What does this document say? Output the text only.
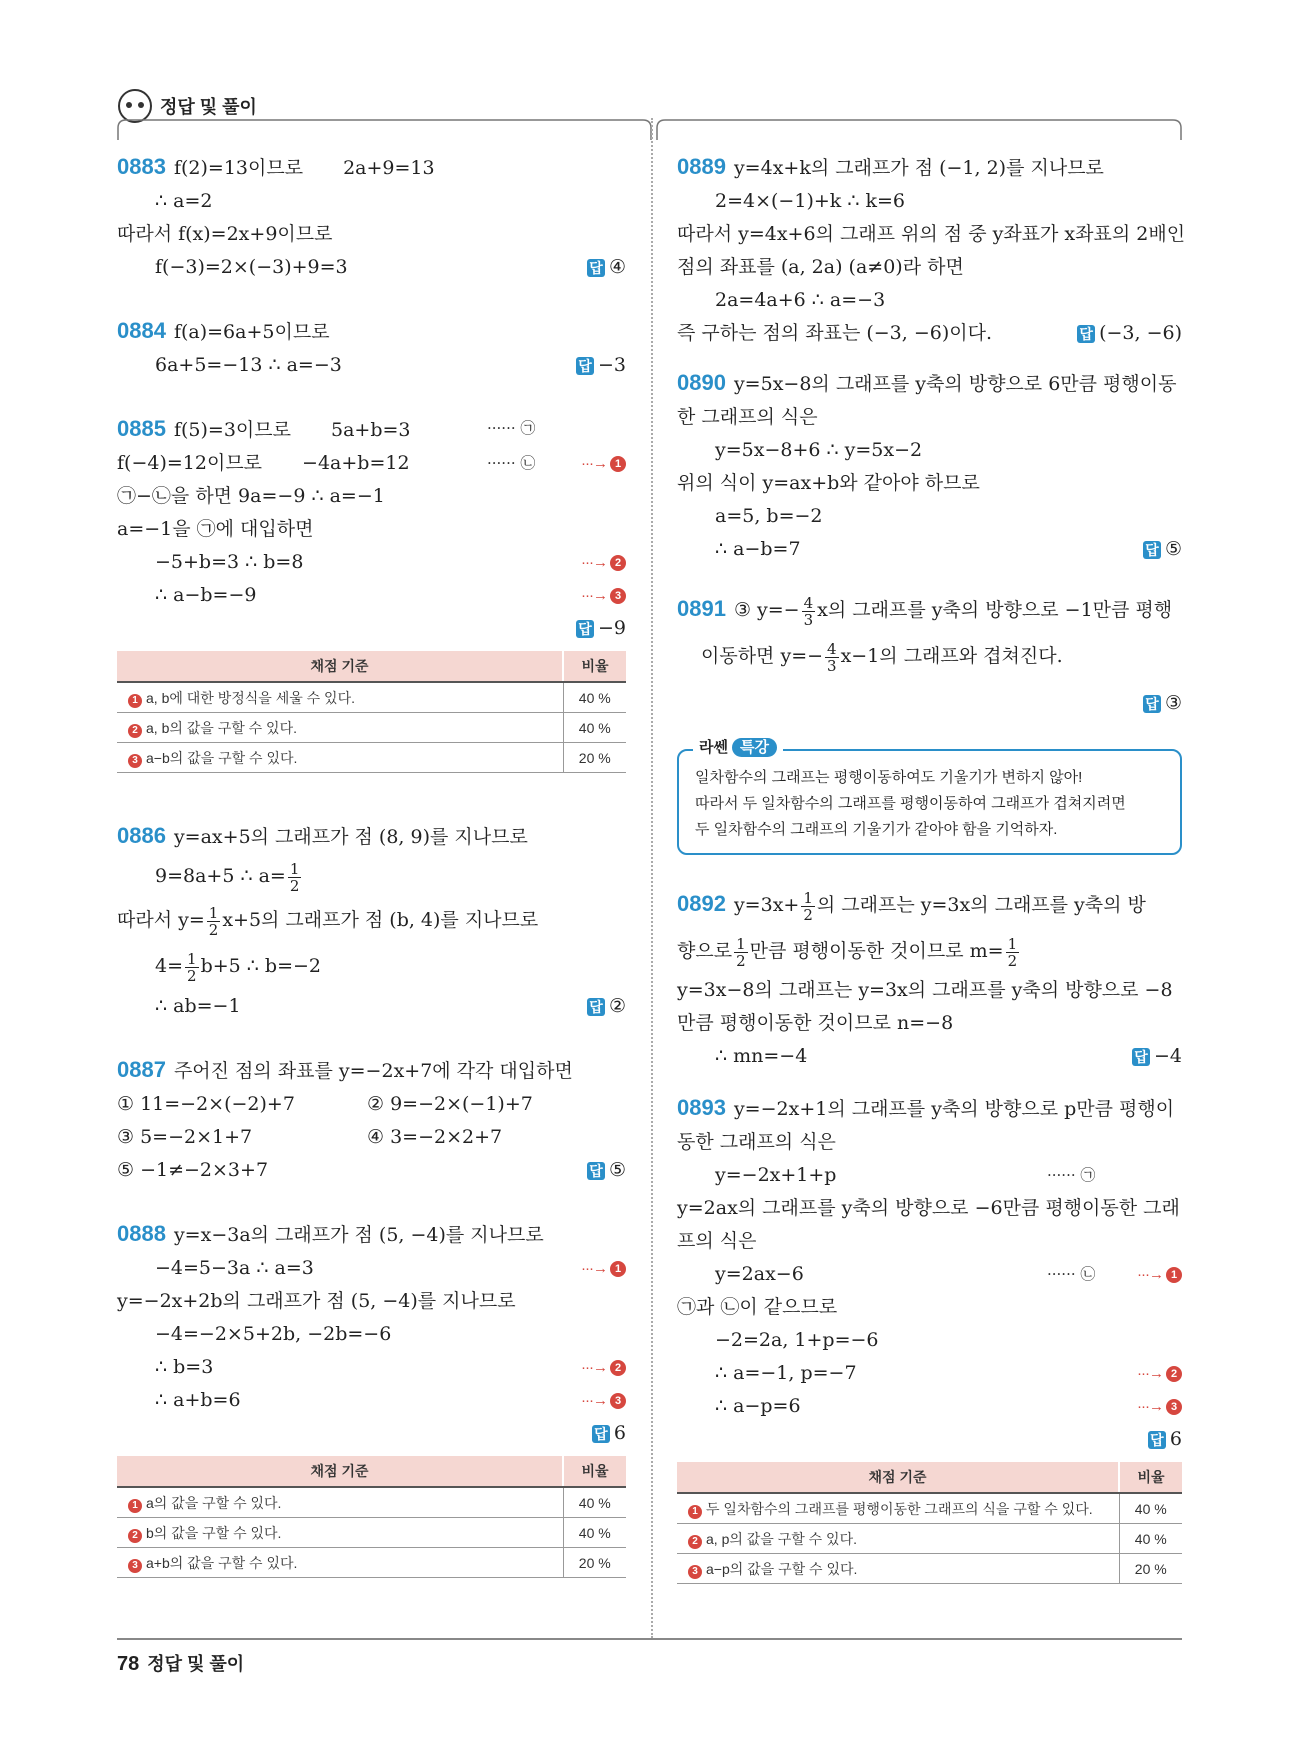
정답 및 풀이
0883 f(2)=13이므로 2a+9=13
∴ a=2
따라서 f(x)=2x+9이므로
f(−3)=2×(−3)+9=3	답 ④
0884 f(a)=6a+5이므로
6a+5=−13 ∴ a=−3	답 −3
0885 f(5)=3이므로 5a+b=3	······ ㉠
f(−4)=12이므로 −4a+b=12	······ ㉡	···→ 1
㉠−㉡을 하면 9a=−9 ∴ a=−1
a=−1을 ㉠에 대입하면
−5+b=3 ∴ b=8	···→ 2
∴ a−b=−9	···→ 3
답 −9
채점 기준	비율
1 a, b에 대한 방정식을 세울 수 있다.	40 %
2 a, b의 값을 구할 수 있다.	40 %
3 a−b의 값을 구할 수 있다.	20 %
0886 y=ax+5의 그래프가 점 (8, 9)를 지나므로
9=8a+5 ∴ $a= \frac{1}{2}$
따라서 $y= \frac{1}{2} x+5$의 그래프가 점 (b, 4)를 지나므로
$4= \frac{1}{2} b+5$ ∴ b=−2
∴ ab=−1	답 ②
0887 주어진 점의 좌표를 y=−2x+7에 각각 대입하면
① 11=−2×(−2)+7	② 9=−2×(−1)+7
③ 5=−2×1+7	④ 3=−2×2+7
⑤ −1≠−2×3+7	답 ⑤
0888 y=x−3a의 그래프가 점 (5, −4)를 지나므로
−4=5−3a ∴ a=3	···→ 1
y=−2x+2b의 그래프가 점 (5, −4)를 지나므로
−4=−2×5+2b, −2b=−6
∴ b=3	···→ 2
∴ a+b=6	···→ 3
답 6
채점 기준	비율
1 a의 값을 구할 수 있다.	40 %
2 b의 값을 구할 수 있다.	40 %
3 a+b의 값을 구할 수 있다.	20 %
0889 y=4x+k의 그래프가 점 (−1, 2)를 지나므로
2=4×(−1)+k ∴ k=6
따라서 y=4x+6의 그래프 위의 점 중 y좌표가 x좌표의 2배인
점의 좌표를 (a, 2a) (a≠0)라 하면
2a=4a+6 ∴ a=−3
즉 구하는 점의 좌표는 (−3, −6)이다.	답 (−3, −6)
0890 y=5x−8의 그래프를 y축의 방향으로 6만큼 평행이동
한 그래프의 식은
y=5x−8+6 ∴ y=5x−2
위의 식이 y=ax+b와 같아야 하므로
a=5, b=−2
∴ a−b=7	답 ⑤
0891 ③ $y=- \frac{4}{3}$ x의 그래프를 y축의 방향으로 −1만큼 평행
이동하면 $y=- \frac{4}{3} x-1$의 그래프와 겹쳐진다.
답 ③
라쎈 특강
일차함수의 그래프는 평행이동하여도 기울기가 변하지 않아!
따라서 두 일차함수의 그래프를 평행이동하여 그래프가 겹쳐지려면
두 일차함수의 그래프의 기울기가 같아야 함을 기억하자.
0892 $y=3x+ \frac{1}{2}$ 의 그래프는 y=3x의 그래프를 y축의 방
향으로 $\frac{1}{2}$ 만큼 평행이동한 것이므로 $m= \frac{1}{2}$
y=3x−8의 그래프는 y=3x의 그래프를 y축의 방향으로 −8
만큼 평행이동한 것이므로 n=−8
∴ mn=−4	답 −4
0893 y=−2x+1의 그래프를 y축의 방향으로 p만큼 평행이
동한 그래프의 식은
y=−2x+1+p	······ ㉠
y=2ax의 그래프를 y축의 방향으로 −6만큼 평행이동한 그래
프의 식은
y=2ax−6	······ ㉡	···→ 1
㉠과 ㉡이 같으므로
−2=2a, 1+p=−6
∴ a=−1, p=−7	···→ 2
∴ a−p=6	···→ 3
답 6
채점 기준	비율
1 두 일차함수의 그래프를 평행이동한 그래프의 식을 구할 수 있다.	40 %
2 a, p의 값을 구할 수 있다.	40 %
3 a−p의 값을 구할 수 있다.	20 %
78 정답 및 풀이
